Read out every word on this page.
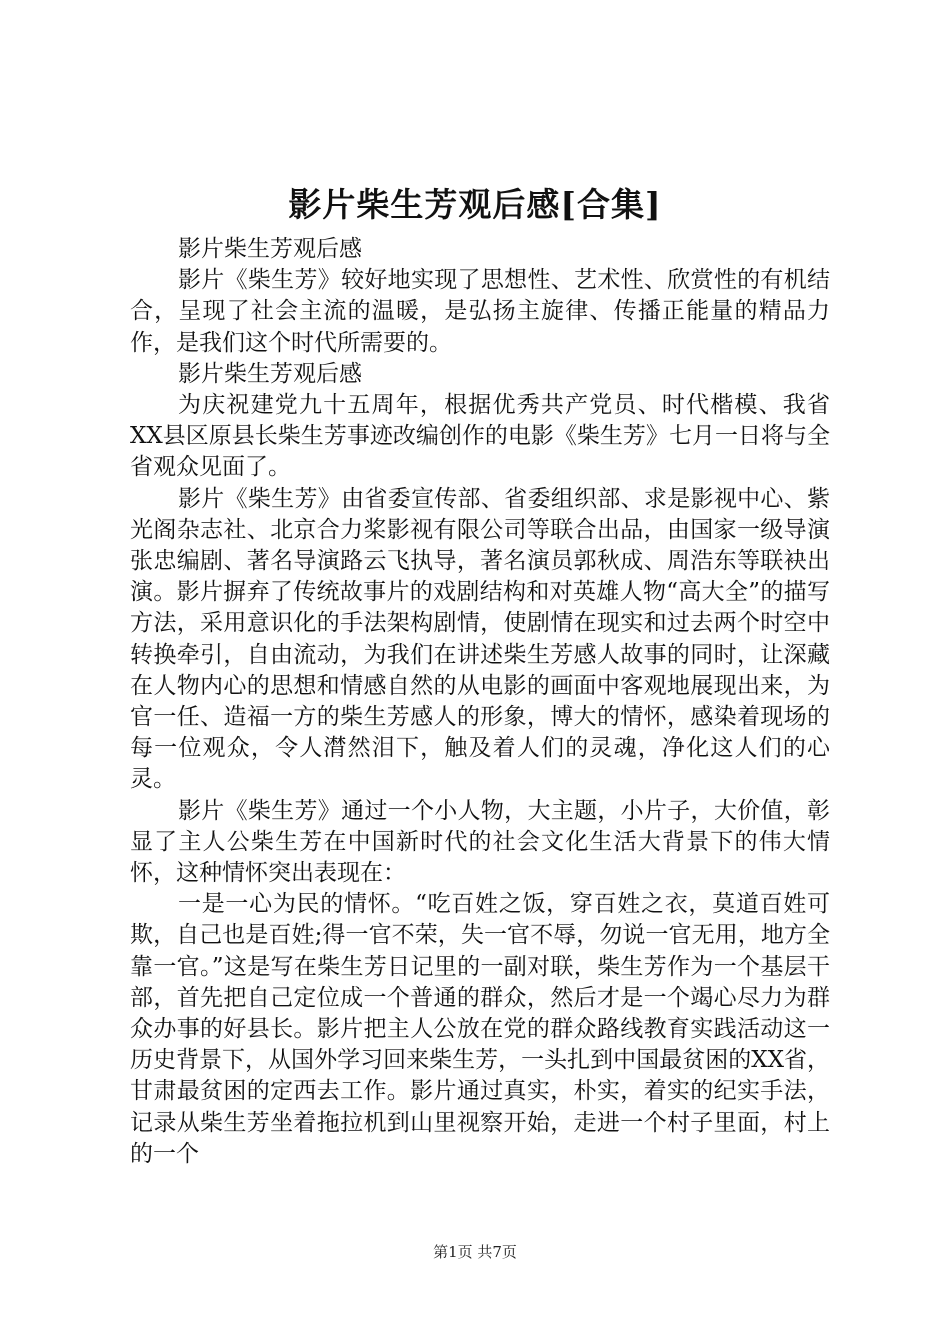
影片柴生芳观后感[合集]

影片柴生芳观后感

影片《柴生芳》较好地实现了思想性、艺术性、欣赏性的有机结合，呈现了社会主流的温暖，是弘扬主旋律、传播正能量的精品力作，是我们这个时代所需要的。

影片柴生芳观后感

为庆祝建党九十五周年，根据优秀共产党员、时代楷模、我省XX县区原县长柴生芳事迹改编创作的电影《柴生芳》七月一日将与全省观众见面了。

影片《柴生芳》由省委宣传部、省委组织部、求是影视中心、紫光阁杂志社、北京合力桨影视有限公司等联合出品，由国家一级导演张忠编剧、著名导演路云飞执导，著名演员郭秋成、周浩东等联袂出演。影片摒弃了传统故事片的戏剧结构和对英雄人物“高大全”的描写方法，采用意识化的手法架构剧情，使剧情在现实和过去两个时空中转换牵引，自由流动，为我们在讲述柴生芳感人故事的同时，让深藏在人物内心的思想和情感自然的从电影的画面中客观地展现出来，为官一任、造福一方的柴生芳感人的形象，博大的情怀，感染着现场的每一位观众，令人潸然泪下，触及着人们的灵魂，净化这人们的心灵。

影片《柴生芳》通过一个小人物，大主题，小片子，大价值，彰显了主人公柴生芳在中国新时代的社会文化生活大背景下的伟大情怀，这种情怀突出表现在：

一是一心为民的情怀。“吃百姓之饭，穿百姓之衣，莫道百姓可欺，自己也是百姓;得一官不荣，失一官不辱，勿说一官无用，地方全靠一官。”这是写在柴生芳日记里的一副对联，柴生芳作为一个基层干部，首先把自己定位成一个普通的群众，然后才是一个竭心尽力为群众办事的好县长。影片把主人公放在党的群众路线教育实践活动这一历史背景下，从国外学习回来柴生芳，一头扎到中国最贫困的XX省，甘肃最贫困的定西去工作。影片通过真实，朴实，着实的纪实手法，记录从柴生芳坐着拖拉机到山里视察开始，走进一个村子里面，村上的一个

第1页 共7页
